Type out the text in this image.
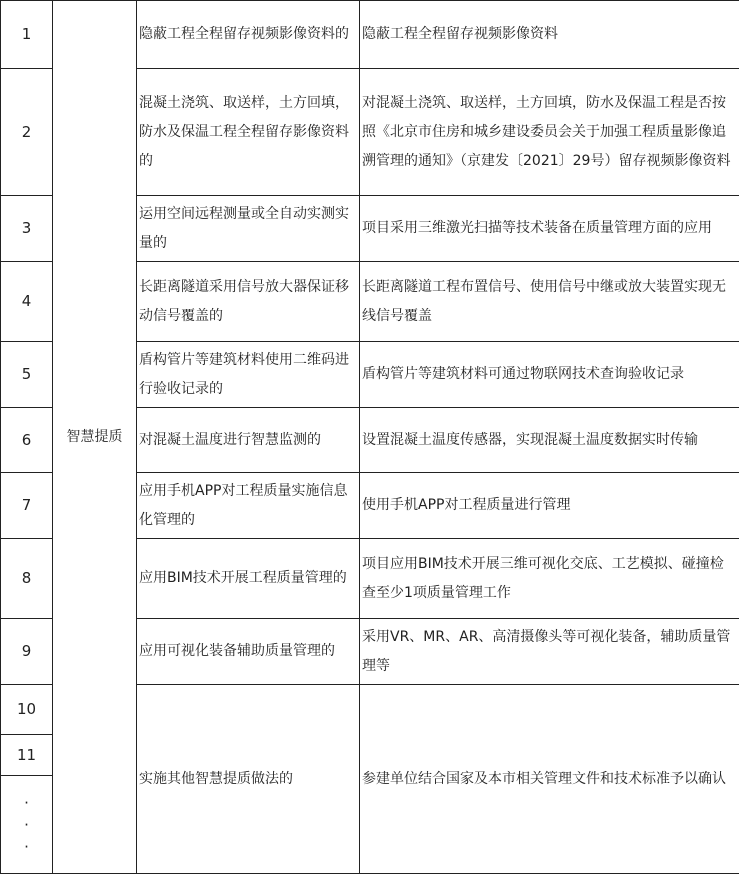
1	智慧提质	隐蔽工程全程留存视频影像资料的	隐蔽工程全程留存视频影像资料
2		混凝土浇筑、取送样，土方回填，防水及保温工程全程留存影像资料的	对混凝土浇筑、取送样，土方回填，防水及保温工程是否按照《北京市住房和城乡建设委员会关于加强工程质量影像追溯管理的通知》（京建发〔2021〕29号）留存视频影像资料
3		运用空间远程测量或全自动实测实量的	项目采用三维激光扫描等技术装备在质量管理方面的应用
4		长距离隧道采用信号放大器保证移动信号覆盖的	长距离隧道工程布置信号、使用信号中继或放大装置实现无线信号覆盖
5		盾构管片等建筑材料使用二维码进行验收记录的	盾构管片等建筑材料可通过物联网技术查询验收记录
6		对混凝土温度进行智慧监测的	设置混凝土温度传感器，实现混凝土温度数据实时传输
7		应用手机APP对工程质量实施信息化管理的	使用手机APP对工程质量进行管理
8		应用BIM技术开展工程质量管理的	项目应用BIM技术开展三维可视化交底、工艺模拟、碰撞检查至少1项质量管理工作
9		应用可视化装备辅助质量管理的	采用VR、MR、AR、高清摄像头等可视化装备，辅助质量管理等
10		实施其他智慧提质做法的	参建单位结合国家及本市相关管理文件和技术标准予以确认
11			
·
·
·			
